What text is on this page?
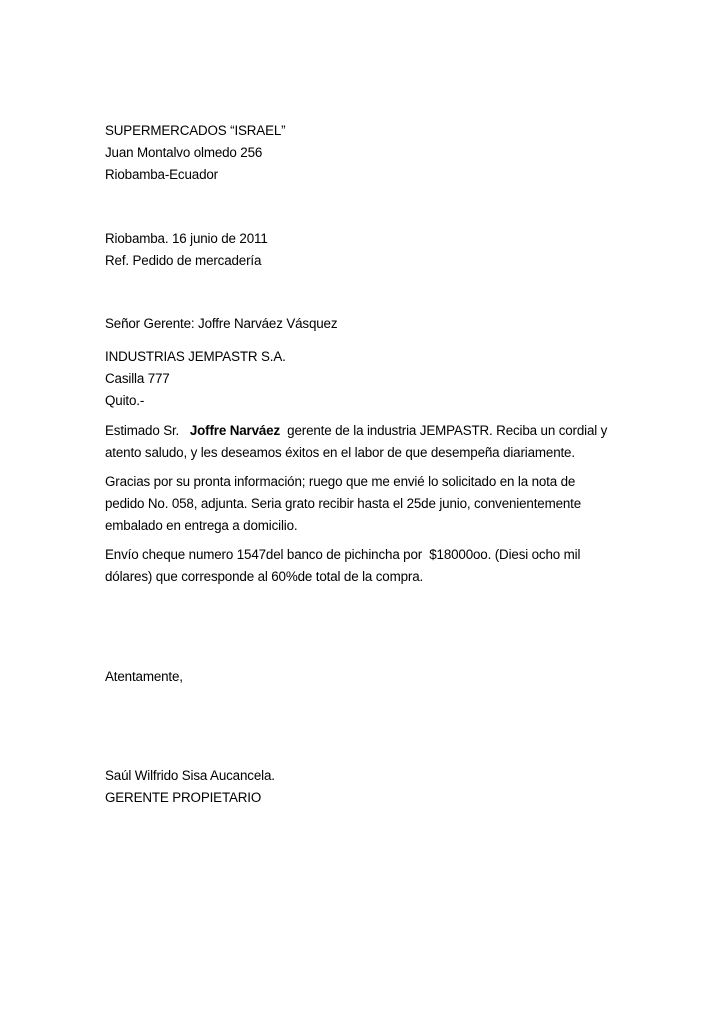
SUPERMERCADOS “ISRAEL”
Juan Montalvo olmedo 256
Riobamba-Ecuador
Riobamba. 16 junio de 2011
Ref. Pedido de mercadería
Señor Gerente: Joffre Narváez Vásquez
INDUSTRIAS JEMPASTR S.A.
Casilla 777
Quito.-
Estimado Sr.   Joffre Narváez  gerente de la industria JEMPASTR. Reciba un cordial y
atento saludo, y les deseamos éxitos en el labor de que desempeña diariamente.
Gracias por su pronta información; ruego que me envié lo solicitado en la nota de
pedido No. 058, adjunta. Seria grato recibir hasta el 25de junio, convenientemente
embalado en entrega a domicilio.
Envío cheque numero 1547del banco de pichincha por  $18000oo. (Diesi ocho mil
dólares) que corresponde al 60%de total de la compra.
Atentamente,
Saúl Wilfrido Sisa Aucancela.
GERENTE PROPIETARIO
